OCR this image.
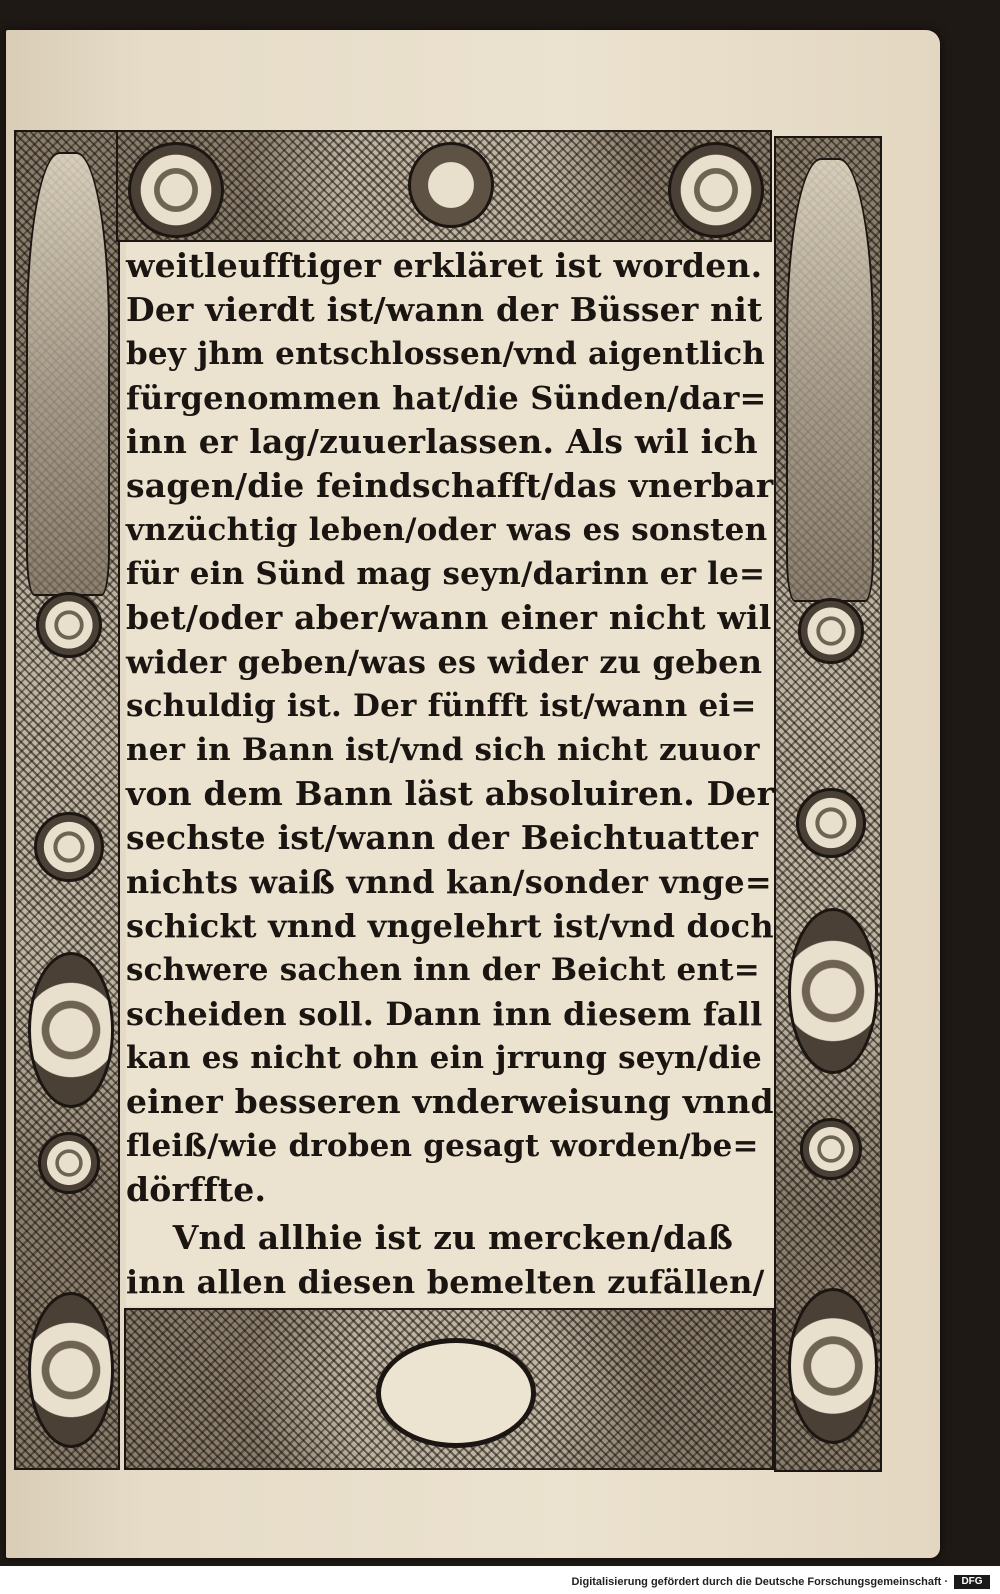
weitleufftiger erkläret ist worden.
Der vierdt ist/wann der Büsser nit
bey jhm entschlossen/vnd aigentlich
fürgenommen hat/die Sünden/dar=
inn er lag/zuuerlassen. Als wil ich
sagen/die feindschafft/das vnerbar
vnzüchtig leben/oder was es sonsten
für ein Sünd mag seyn/darinn er le=
bet/oder aber/wann einer nicht wil
wider geben/was es wider zu geben
schuldig ist. Der fünfft ist/wann ei=
ner in Bann ist/vnd sich nicht zuuor
von dem Bann läst absoluiren. Der
sechste ist/wann der Beichtuatter
nichts waiß vnnd kan/sonder vnge=
schickt vnnd vngelehrt ist/vnd doch
schwere sachen inn der Beicht ent=
scheiden soll. Dann inn diesem fall
kan es nicht ohn ein jrrung seyn/die
einer besseren vnderweisung vnnd
fleiß/wie droben gesagt worden/be=
dörffte.
Vnd allhie ist zu mercken/daß
inn allen diesen bemelten zufällen/
Digitalisierung gefördert durch die Deutsche Forschungsgemeinschaft ·	DFG
